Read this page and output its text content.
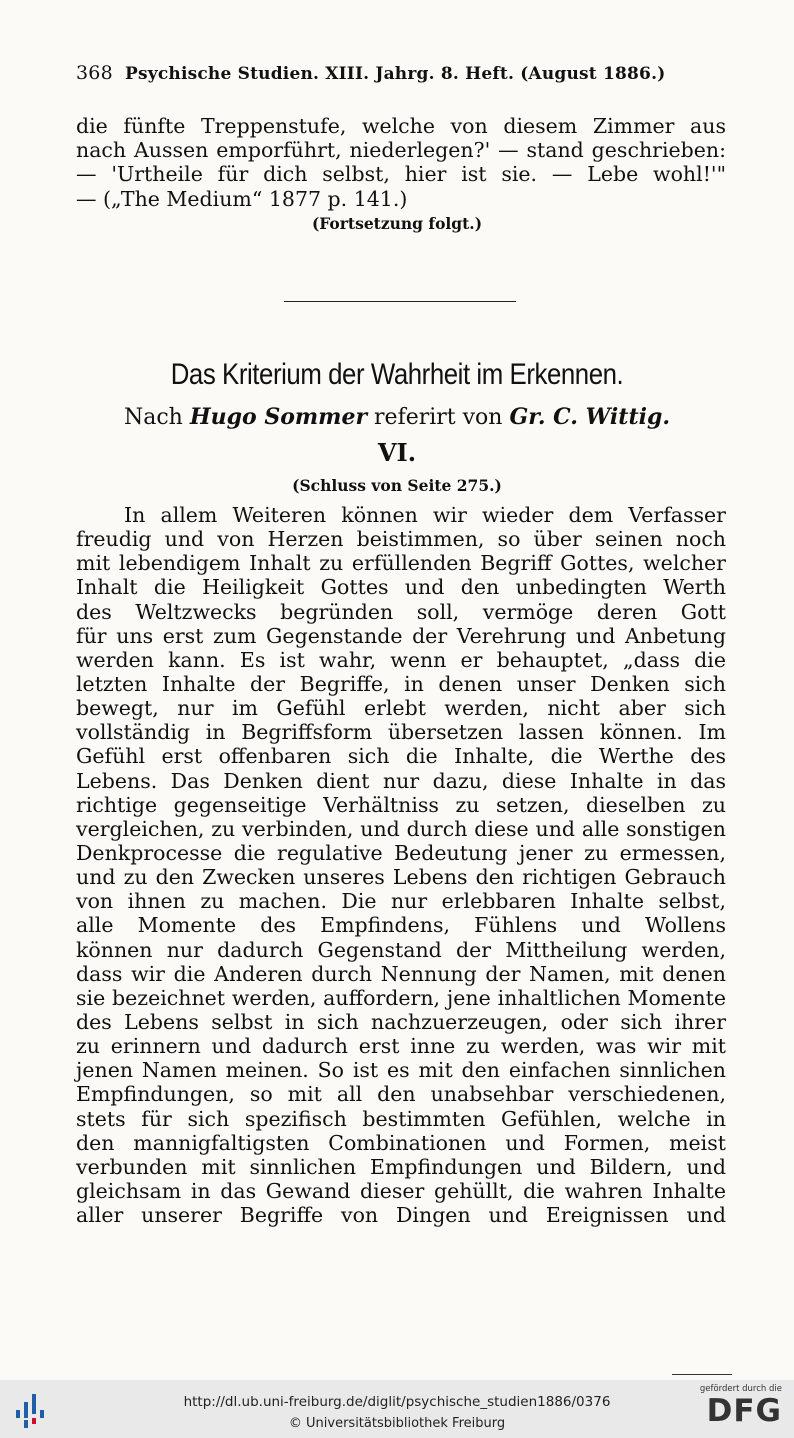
368 Psychische Studien. XIII. Jahrg. 8. Heft. (August 1886.)
die fünfte Treppenstufe, welche von diesem Zimmer aus
nach Aussen emporführt, niederlegen?' — stand geschrieben:
— 'Urtheile für dich selbst, hier ist sie. — Lebe wohl!'"
— („The Medium“ 1877 p. 141.)
(Fortsetzung folgt.)
Das Kriterium der Wahrheit im Erkennen.
Nach Hugo Sommer referirt von Gr. C. Wittig.
VI.
(Schluss von Seite 275.)
In allem Weiteren können wir wieder dem Verfasser
freudig und von Herzen beistimmen, so über seinen noch
mit lebendigem Inhalt zu erfüllenden Begriff Gottes, welcher
Inhalt die Heiligkeit Gottes und den unbedingten Werth
des Weltzwecks begründen soll, vermöge deren Gott
für uns erst zum Gegenstande der Verehrung und Anbetung
werden kann. Es ist wahr, wenn er behauptet, „dass die
letzten Inhalte der Begriffe, in denen unser Denken sich
bewegt, nur im Gefühl erlebt werden, nicht aber sich
vollständig in Begriffsform übersetzen lassen können. Im
Gefühl erst offenbaren sich die Inhalte, die Werthe des
Lebens. Das Denken dient nur dazu, diese Inhalte in das
richtige gegenseitige Verhältniss zu setzen, dieselben zu
vergleichen, zu verbinden, und durch diese und alle sonstigen
Denkprocesse die regulative Bedeutung jener zu ermessen,
und zu den Zwecken unseres Lebens den richtigen Gebrauch
von ihnen zu machen. Die nur erlebbaren Inhalte selbst,
alle Momente des Empfindens, Fühlens und Wollens
können nur dadurch Gegenstand der Mittheilung werden,
dass wir die Anderen durch Nennung der Namen, mit denen
sie bezeichnet werden, auffordern, jene inhaltlichen Momente
des Lebens selbst in sich nachzuerzeugen, oder sich ihrer
zu erinnern und dadurch erst inne zu werden, was wir mit
jenen Namen meinen. So ist es mit den einfachen sinnlichen
Empfindungen, so mit all den unabsehbar verschiedenen,
stets für sich spezifisch bestimmten Gefühlen, welche in
den mannigfaltigsten Combinationen und Formen, meist
verbunden mit sinnlichen Empfindungen und Bildern, und
gleichsam in das Gewand dieser gehüllt, die wahren Inhalte
aller unserer Begriffe von Dingen und Ereignissen und
http://dl.ub.uni-freiburg.de/diglit/psychische_studien1886/0376
© Universitätsbibliothek Freiburg
gefördert durch die
DFG
